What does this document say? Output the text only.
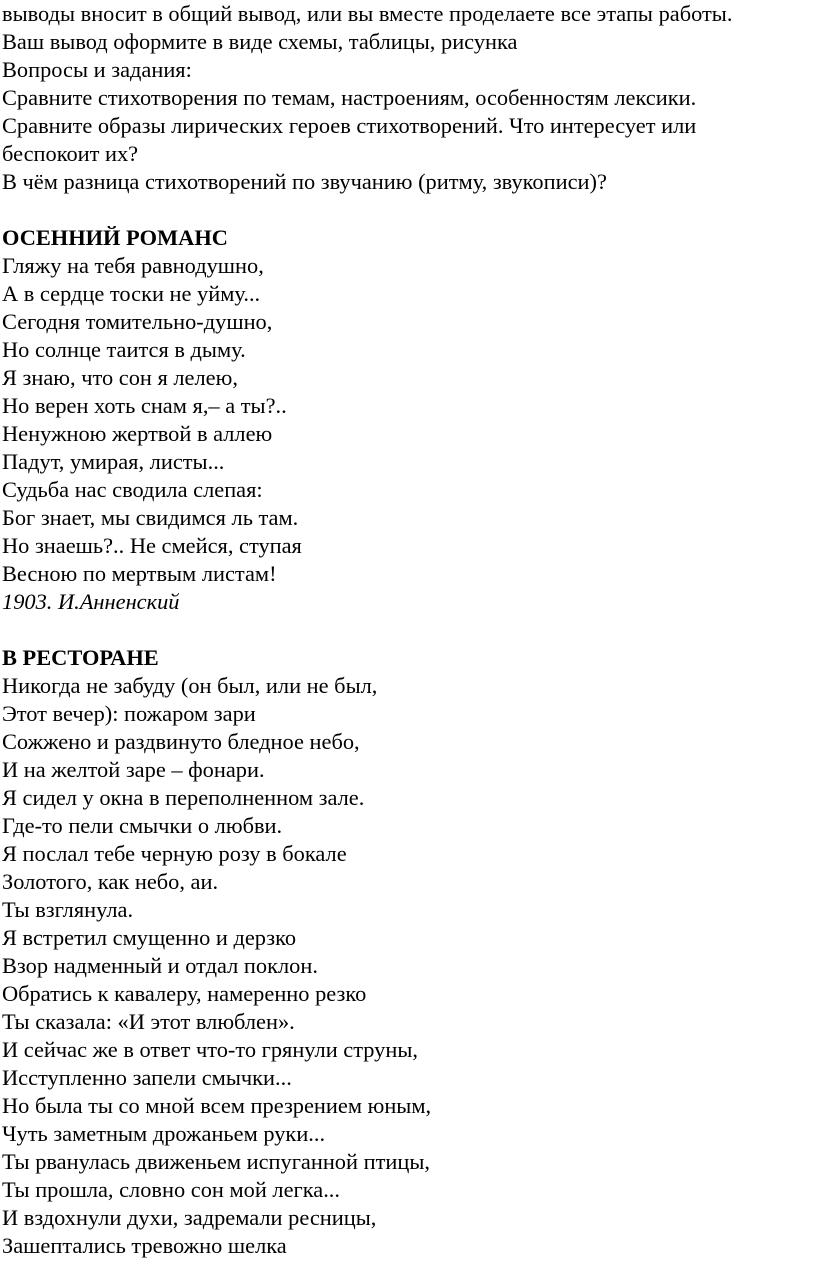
выводы вносит в общий вывод, или вы вместе проделаете все этапы работы.
Ваш вывод оформите в виде схемы, таблицы, рисунка
Вопросы и задания:
Сравните стихотворения по темам, настроениям, особенностям лексики.
Сравните образы лирических героев стихотворений. Что интересует или
беспокоит их?
В чём разница стихотворений по звучанию (ритму, звукописи)?
ОСЕННИЙ РОМАНС
Гляжу на тебя равнодушно,
А в сердце тоски не уйму...
Сегодня томительно-душно,
Но солнце таится в дыму.
Я знаю, что сон я лелею,
Но верен хоть снам я,– а ты?..
Ненужною жертвой в аллею
Падут, умирая, листы...
Судьба нас сводила слепая:
Бог знает, мы свидимся ль там.
Но знаешь?.. Не смейся, ступая
Весною по мертвым листам!
1903. И.Анненский
В РЕСТОРАНЕ
Никогда не забуду (он был, или не был,
Этот вечер): пожаром зари
Сожжено и раздвинуто бледное небо,
И на желтой заре – фонари.
Я сидел у окна в переполненном зале.
Где-то пели смычки о любви.
Я послал тебе черную розу в бокале
Золотого, как небо, аи.
Ты взглянула.
Я встретил смущенно и дерзко
Взор надменный и отдал поклон.
Обратись к кавалеру, намеренно резко
Ты сказала: «И этот влюблен».
И сейчас же в ответ что-то грянули струны,
Исступленно запели смычки...
Но была ты со мной всем презрением юным,
Чуть заметным дрожаньем руки...
Ты рванулась движеньем испуганной птицы,
Ты прошла, словно сон мой легка...
И вздохнули духи, задремали ресницы,
Зашептались тревожно шелка
